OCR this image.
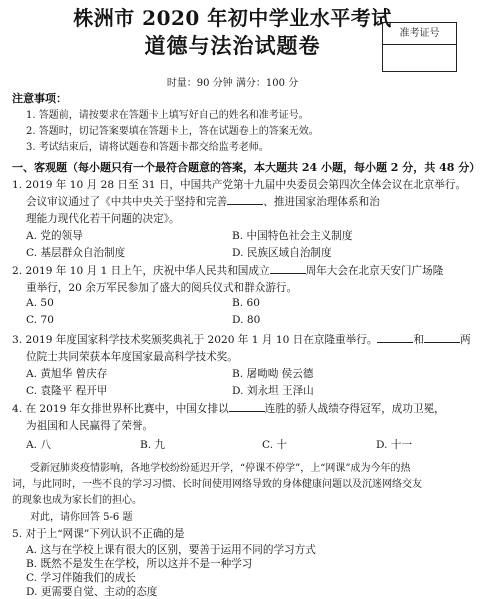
株洲市 2020 年初中学业水平考试
道德与法治试题卷	准考证号
时量：90 分钟 满分：100 分
注意事项：
1. 答题前，请按要求在答题卡上填写好自己的姓名和准考证号。
2. 答题时，切记答案要填在答题卡上，答在试题卷上的答案无效。
3. 考试结束后，请将试题卷和答题卡都交给监考老师。
一、客观题（每小题只有一个最符合题意的答案，本大题共 24 小题，每小题 2 分，共 48 分）
1. 2019 年 10 月 28 日至 31 日，中国共产党第十九届中央委员会第四次全体会议在北京举行。
会议审议通过了《中共中央关于坚持和完善	、推进国家治理体系和治
理能力现代化若干问题的决定》。
A. 党的领导	B. 中国特色社会主义制度
C. 基层群众自治制度	D. 民族区域自治制度
2. 2019 年 10 月 1 日上午，庆祝中华人民共和国成立	周年大会在北京天安门广场隆
重举行，20 余万军民参加了盛大的阅兵仪式和群众游行。
A. 50	B. 60
C. 70	D. 80
3. 2019 年度国家科学技术奖颁奖典礼于 2020 年 1 月 10 日在京隆重举行。	和	两
位院士共同荣获本年度国家最高科学技术奖。
A. 黄旭华 曾庆存	B. 屠呦呦 侯云德
C. 袁隆平 程开甲	D. 刘永坦 王泽山
4. 在 2019 年女排世界杯比赛中，中国女排以	连胜的骄人战绩夺得冠军，成功卫冕，
为祖国和人民赢得了荣誉。
A. 八	B. 九	C. 十	D. 十一
受新冠肺炎疫情影响，各地学校纷纷延迟开学，“停课不停学”，上“网课”成为今年的热
词，与此同时，一些不良的学习习惯、长时间使用网络导致的身体健康问题以及沉迷网络交友
的现象也成为家长们的担心。
对此，请你回答 5-6 题
5. 对于上“网课”下列认识不正确的是
A. 这与在学校上课有很大的区别，要善于运用不同的学习方式
B. 既然不是发生在学校，所以这并不是一种学习
C. 学习伴随我们的成长
D. 更需要自觉、主动的态度
